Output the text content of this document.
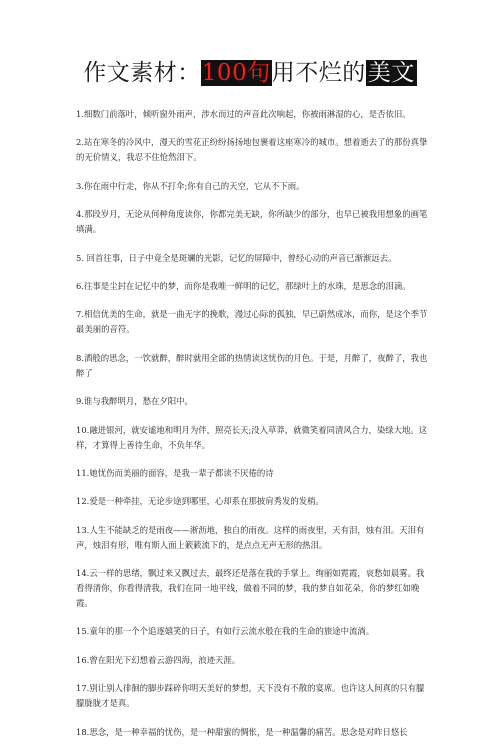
作文素材：100句用不烂的美文

1.细数门前落叶，倾听窗外雨声，涉水而过的声音此次响起，你被雨淋湿的心，是否依旧。

2.站在寒冬的冷风中，漫天的雪花正纷纷扬扬地包裹着这座寒冷的城市。想着逝去了的那份真挚的无价情义，我忍不住怆然泪下。

3.你在雨中行走，你从不打伞;你有自己的天空，它从不下雨。

4.那段岁月，无论从何种角度读你，你都完美无缺，你所缺少的部分，也早已被我用想象的画笔填满。

5. 回首往事，日子中竟全是斑斓的光影，记忆的屏障中，曾经心动的声音已渐渐远去。

6.往事是尘封在记忆中的梦，而你是我唯一鲜明的记忆，那绿叶上的水珠，是思念的泪滴。

7.相信优美的生命，就是一曲无字的挽歌，漫过心际的孤独，早已蔚然成冰，而你，是这个季节最美丽的音符。

8.酒般的思念，一饮就醉，醉时就用全部的热情读这忧伤的月色。于是，月醉了，夜醉了，我也醉了

9.谁与我醉明月，愁在夕阳中。

10.融进银河，就安谧地和明月为伴，照亮长天;没入草莽，就微笑着同清风合力，染绿大地。这样，才算得上善待生命，不负年华。

11.她忧伤而美丽的面容，是我一辈子都读不厌倦的诗

12.爱是一种牵挂，无论步途到哪里，心却系在那披肩秀发的发梢。

13.人生不能缺乏的是雨夜——淅沥地，独自的雨夜。这样的雨夜里，天有泪，烛有泪。天泪有声，烛泪有形，唯有斯人面上簌簌流下的，是点点无声无形的热泪。

14.云一样的思绪，飘过来又飘过去，最终还是落在我的手掌上。绚丽如霓霞，哀愁如晨雾。我看得清你，你看得清我，我们在同一地平线，做着不同的梦，我的梦自如花朵，你的梦红如晚霞。

15.童年的那一个个追逐嬉笑的日子，有如行云流水般在我的生命的旅途中流淌。

16.曾在阳光下幻想着云游四海，浪迹天涯。

17.别让别人徘徊的脚步踩碎你明天美好的梦想，天下没有不散的宴席。也许这人间真的只有朦朦胧胧才是真。

18.思念，是一种幸福的忧伤，是一种甜蜜的惆怅，是一种温馨的痛苦。思念是对昨日悠长
